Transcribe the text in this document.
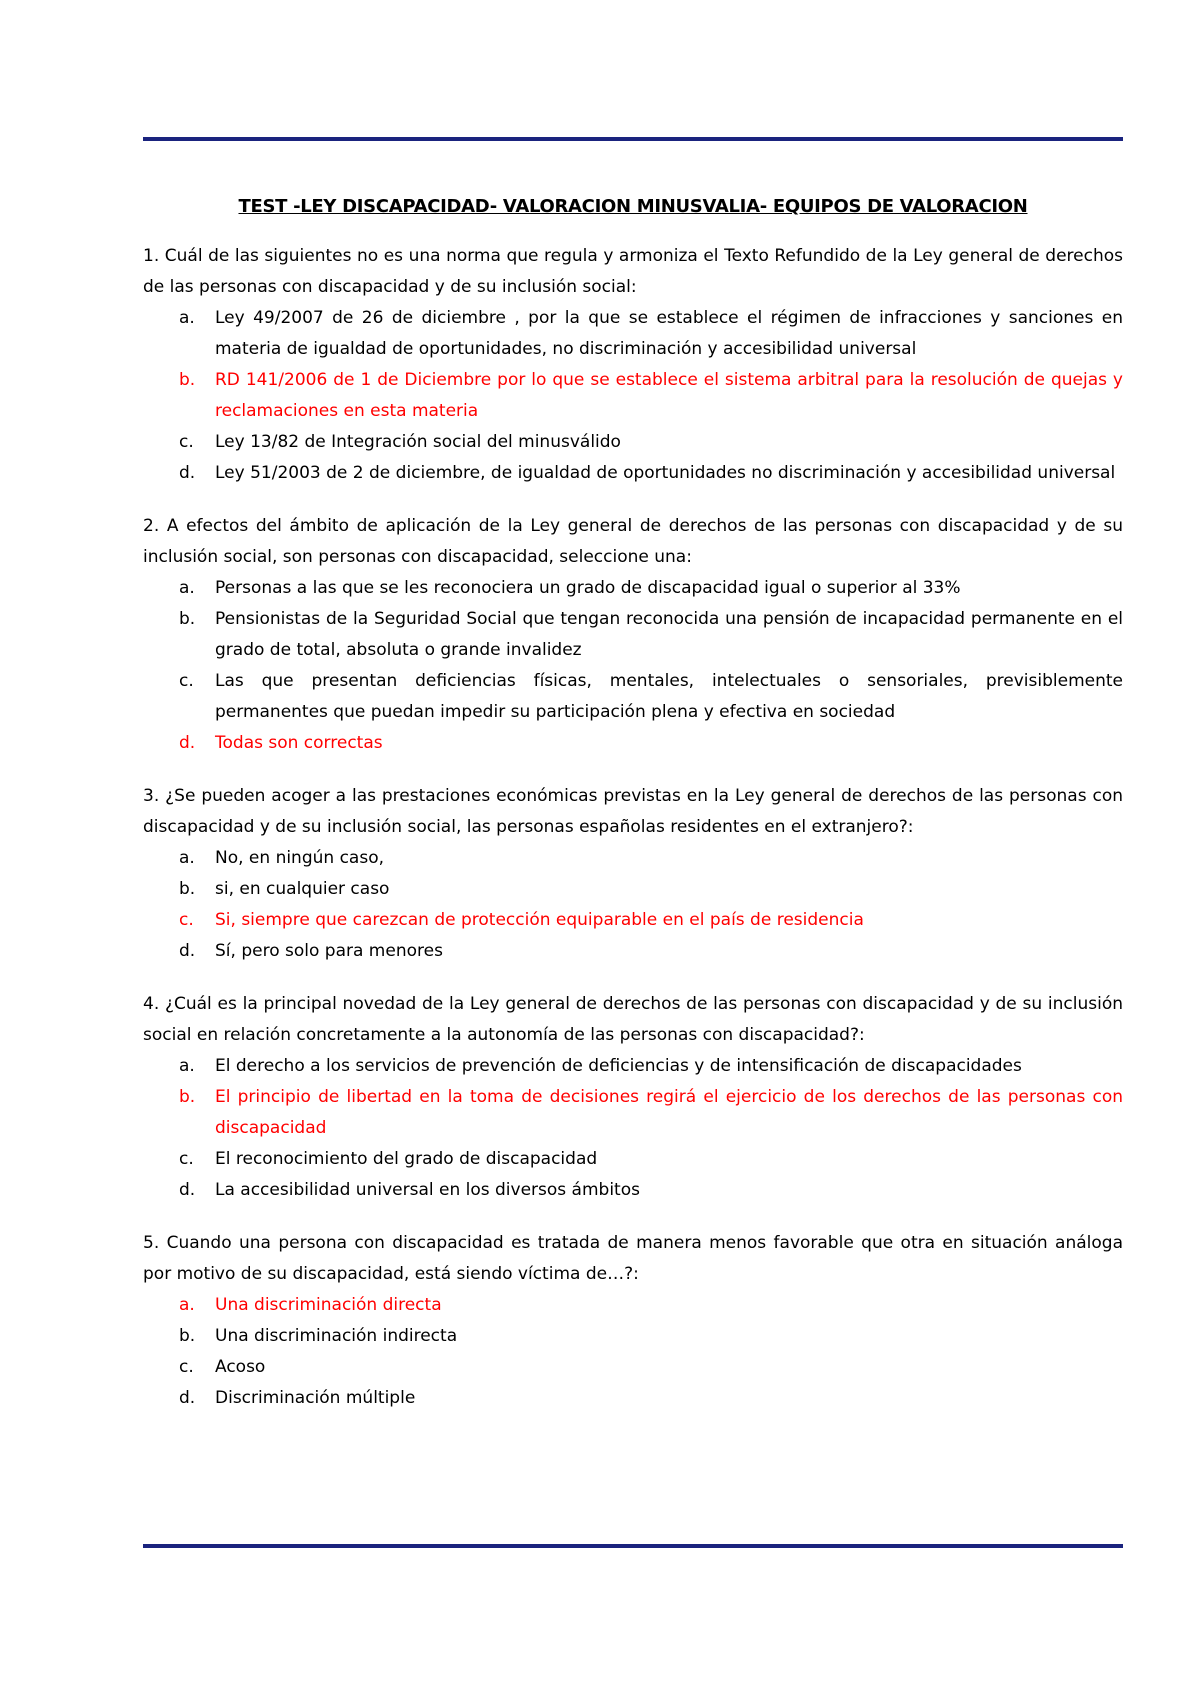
TEST -LEY DISCAPACIDAD- VALORACION MINUSVALIA- EQUIPOS DE VALORACION

1. Cuál de las siguientes no es una norma que regula y armoniza el Texto Refundido de la Ley general de derechos de las personas con discapacidad y de su inclusión social:

a. Ley 49/2007 de 26 de diciembre , por la que se establece el régimen de infracciones y sanciones en materia de igualdad de oportunidades, no discriminación y accesibilidad universal
b. RD 141/2006 de 1 de Diciembre por lo que se establece el sistema arbitral para la resolución de quejas y reclamaciones en esta materia
c. Ley 13/82 de Integración social del minusválido
d. Ley 51/2003 de 2 de diciembre, de igualdad de oportunidades no discriminación y accesibilidad universal

2. A efectos del ámbito de aplicación de la Ley general de derechos de las personas con discapacidad y de su inclusión social, son personas con discapacidad, seleccione una:

a. Personas a las que se les reconociera un grado de discapacidad igual o superior al 33%
b. Pensionistas de la Seguridad Social que tengan reconocida una pensión de incapacidad permanente en el grado de total, absoluta o grande invalidez
c. Las que presentan deficiencias físicas, mentales, intelectuales o sensoriales, previsiblemente permanentes que puedan impedir su participación plena y efectiva en sociedad
d. Todas son correctas

3. ¿Se pueden acoger a las prestaciones económicas previstas en la Ley general de derechos de las personas con discapacidad y de su inclusión social, las personas españolas residentes en el extranjero?:

a. No, en ningún caso,
b. si, en cualquier caso
c. Si, siempre que carezcan de protección equiparable en el país de residencia
d. Sí, pero solo para menores

4. ¿Cuál es la principal novedad de la Ley general de derechos de las personas con discapacidad y de su inclusión social en relación concretamente a la autonomía de las personas con discapacidad?:

a. El derecho a los servicios de prevención de deficiencias y de intensificación de discapacidades
b. El principio de libertad en la toma de decisiones regirá el ejercicio de los derechos de las personas con discapacidad
c. El reconocimiento del grado de discapacidad
d. La accesibilidad universal en los diversos ámbitos

5. Cuando una persona con discapacidad es tratada de manera menos favorable que otra en situación análoga por motivo de su discapacidad, está siendo víctima de…?:

a. Una discriminación directa
b. Una discriminación indirecta
c. Acoso
d. Discriminación múltiple
